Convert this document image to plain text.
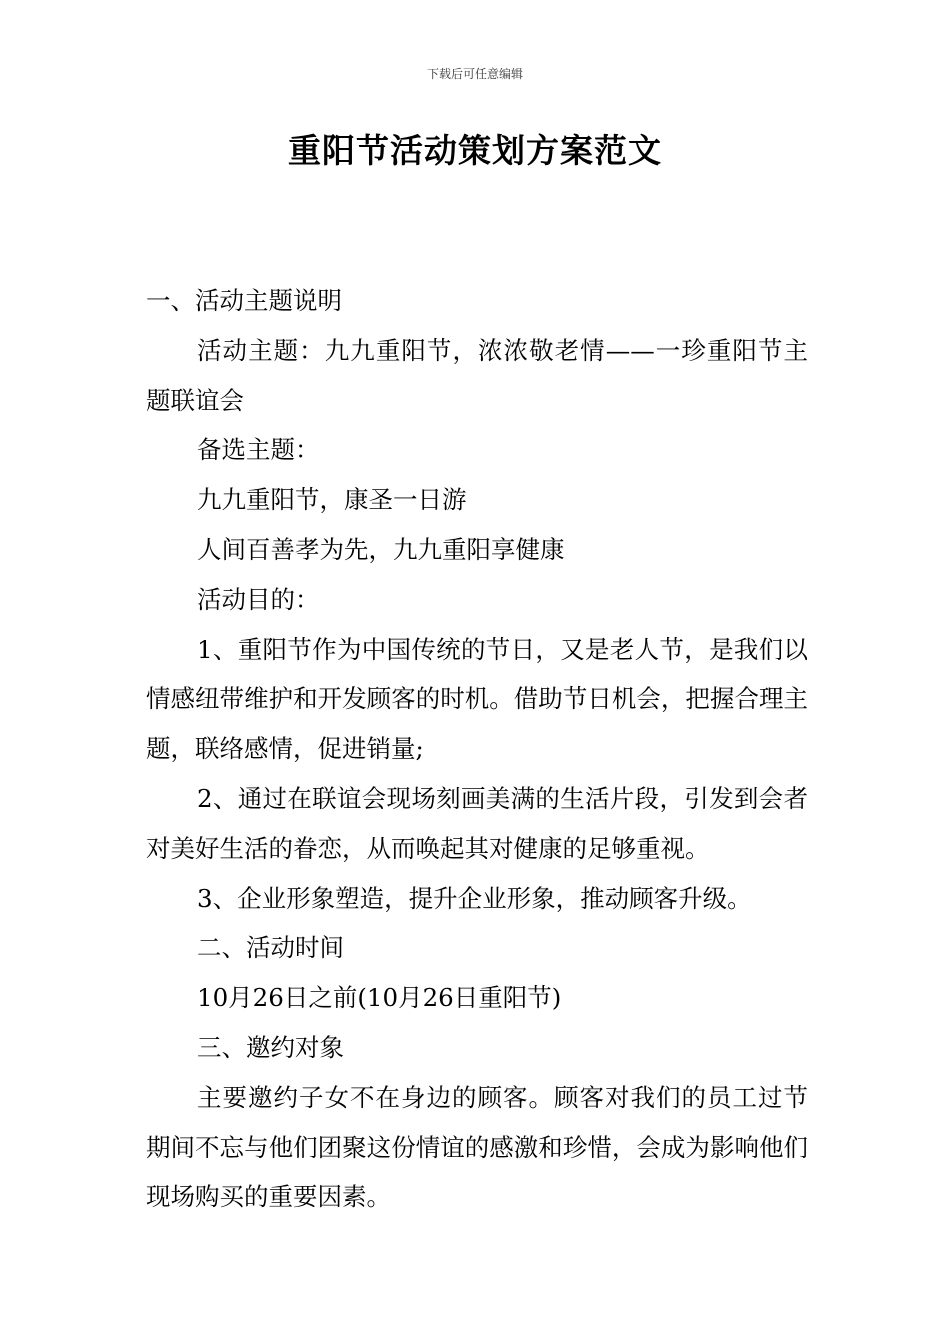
下载后可任意编辑
重阳节活动策划方案范文

一、活动主题说明

活动主题：九九重阳节，浓浓敬老情——一珍重阳节主题联谊会

备选主题：

九九重阳节，康圣一日游

人间百善孝为先，九九重阳享健康

活动目的：

1、重阳节作为中国传统的节日，又是老人节，是我们以情感纽带维护和开发顾客的时机。借助节日机会，把握合理主题，联络感情，促进销量;

2、通过在联谊会现场刻画美满的生活片段，引发到会者对美好生活的眷恋，从而唤起其对健康的足够重视。

3、企业形象塑造，提升企业形象，推动顾客升级。

二、活动时间

10月26日之前(10月26日重阳节)

三、邀约对象

主要邀约子女不在身边的顾客。顾客对我们的员工过节期间不忘与他们团聚这份情谊的感激和珍惜，会成为影响他们现场购买的重要因素。
